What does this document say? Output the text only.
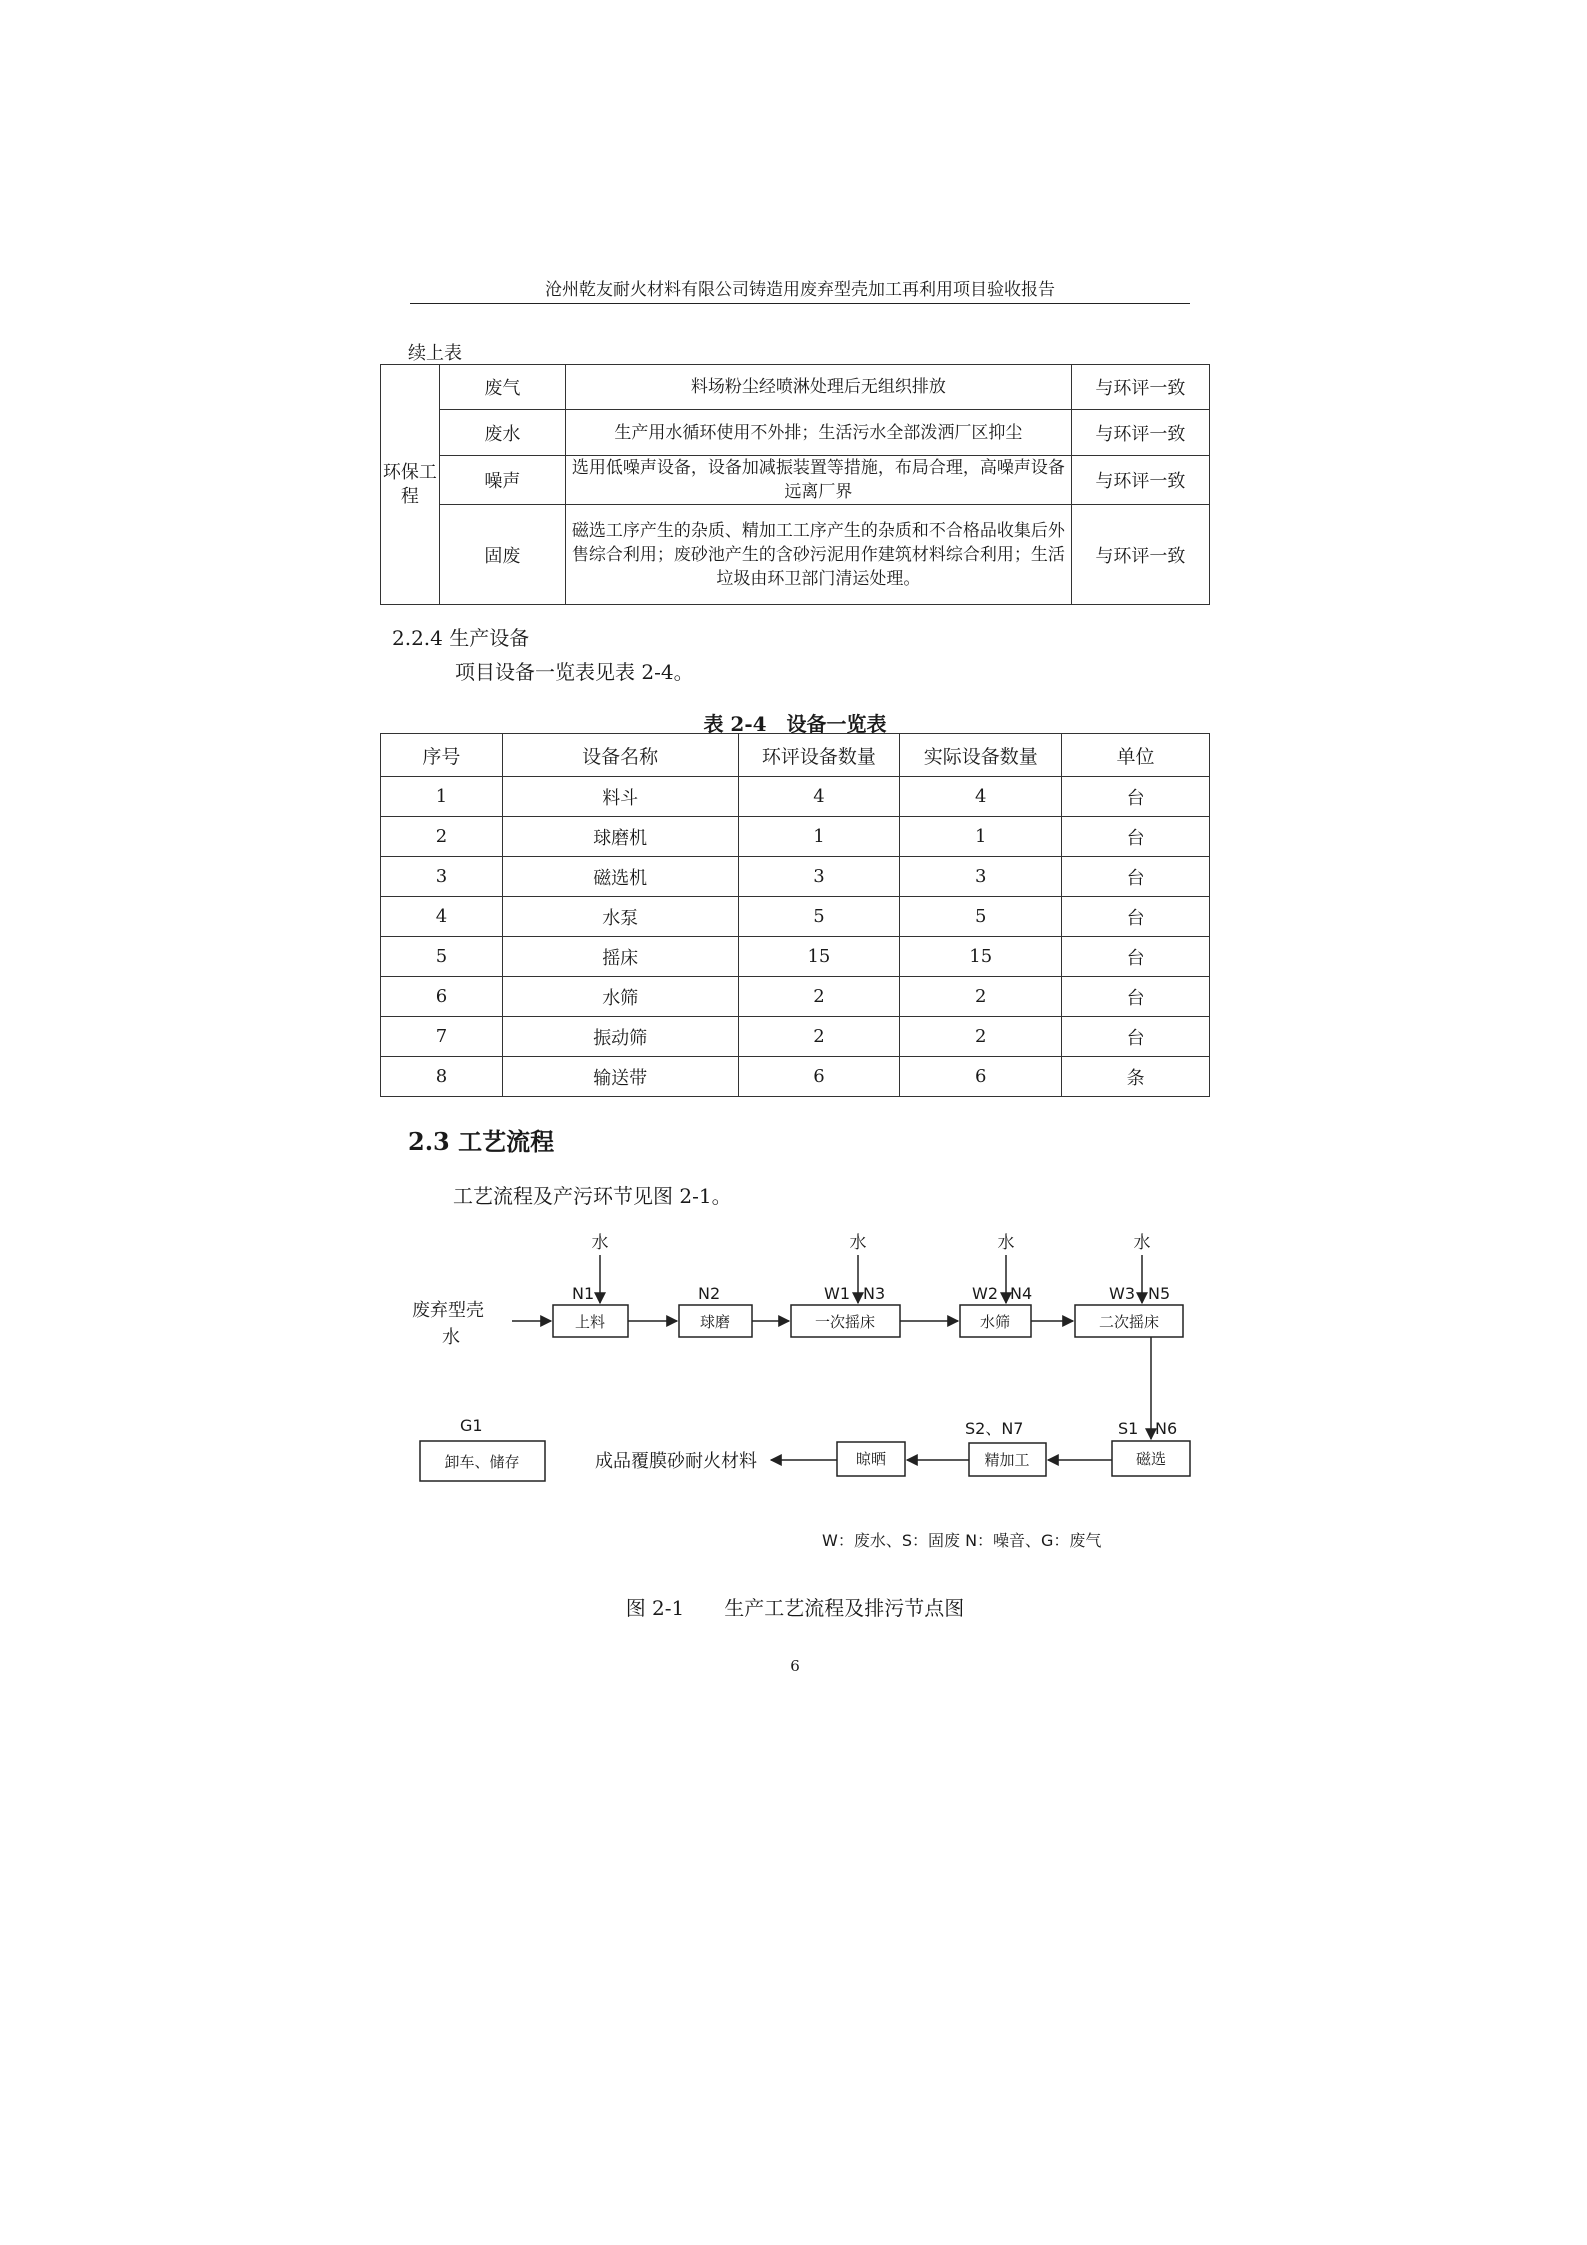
沧州乾友耐火材料有限公司铸造用废弃型壳加工再利用项目验收报告
续上表
环保工程	废气	料场粉尘经喷淋处理后无组织排放	与环评一致
	废水	生产用水循环使用不外排；生活污水全部泼洒厂区抑尘	与环评一致
	噪声	选用低噪声设备，设备加减振装置等措施，布局合理，高噪声设备远离厂界	与环评一致
	固废	磁选工序产生的杂质、精加工工序产生的杂质和不合格品收集后外售综合利用；废砂池产生的含砂污泥用作建筑材料综合利用；生活垃圾由环卫部门清运处理。	与环评一致
2.2.4 生产设备
项目设备一览表见表 2-4。
表 2-4　设备一览表
序号	设备名称	环评设备数量	实际设备数量	单位
1	料斗	4	4	台
2	球磨机	1	1	台
3	磁选机	3	3	台
4	水泵	5	5	台
5	摇床	15	15	台
6	水筛	2	2	台
7	振动筛	2	2	台
8	输送带	6	6	条
2.3 工艺流程
工艺流程及产污环节见图 2-1。
废弃型壳
水
上料	球磨	一次摇床	水筛	二次摇床
磁选
精加工
晾晒
卸车、储存
水	水	水	水
N1	N2	W1 N3	W2 N4	W3 N5
S1 N6
S2、N7
G1
成品覆膜砂耐火材料
W：废水、S：固废 N：噪音、G：废气
图 2-1　　生产工艺流程及排污节点图
6
